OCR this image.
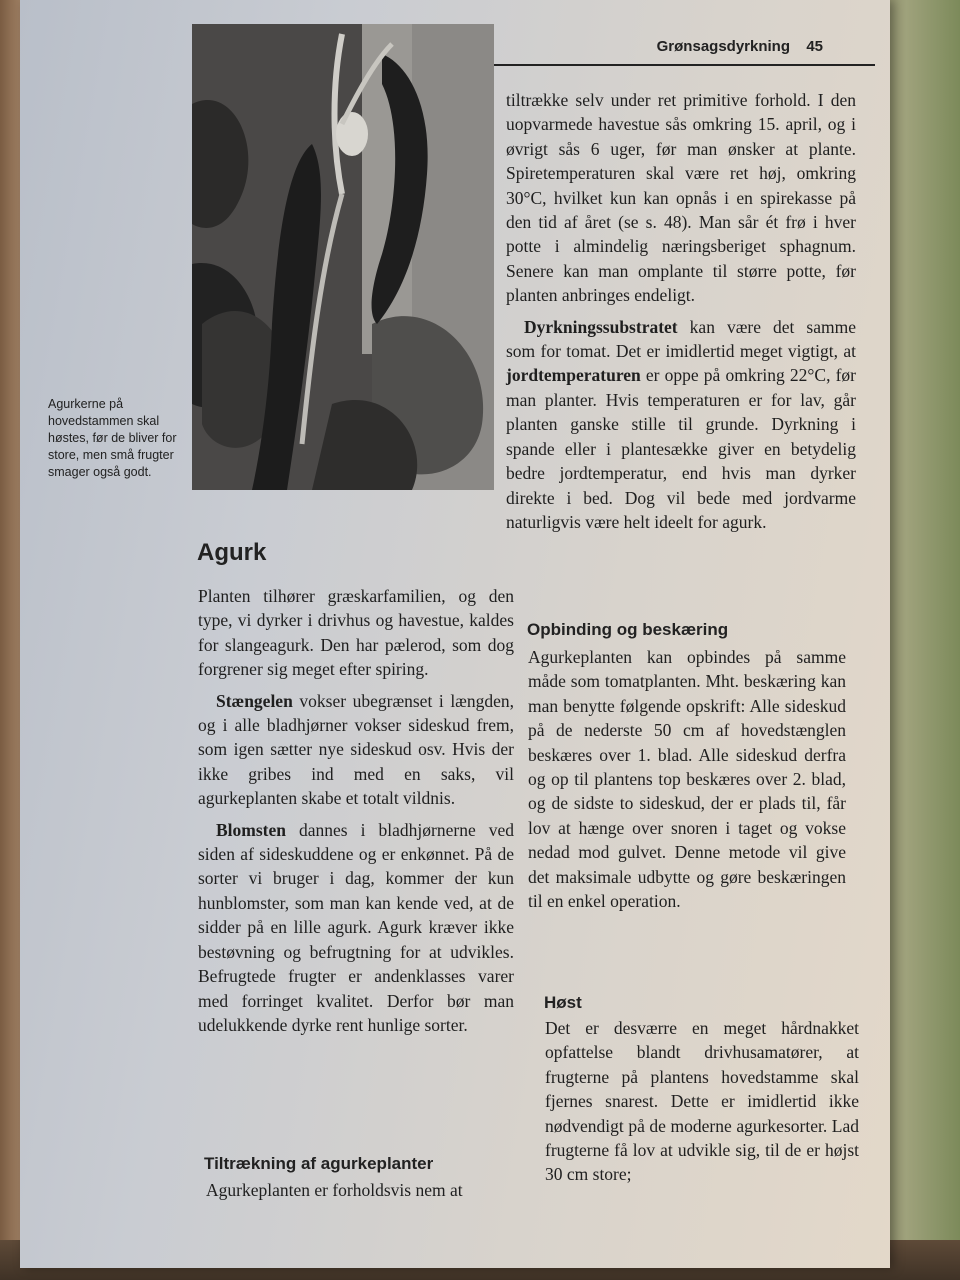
Grønsagsdyrkning 45
Agurkerne på hovedstammen skal høstes, før de bliver for store, men små frugter smager også godt.
Agurk

Planten tilhører græskarfamilien, og den type, vi dyrker i drivhus og havestue, kaldes for slangeagurk. Den har pælerod, som dog forgrener sig meget efter spiring.

Stængelen vokser ubegrænset i længden, og i alle bladhjørner vokser sideskud frem, som igen sætter nye sideskud osv. Hvis der ikke gribes ind med en saks, vil agurkeplanten skabe et totalt vildnis.

Blomsten dannes i bladhjørnerne ved siden af sideskuddene og er enkønnet. På de sorter vi bruger i dag, kommer der kun hunblomster, som man kan kende ved, at de sidder på en lille agurk. Agurk kræver ikke bestøvning og befrugtning for at udvikles. Befrugtede frugter er andenklasses varer med forringet kvalitet. Derfor bør man udelukkende dyrke rent hunlige sorter.

Tiltrækning af agurkeplanter

Agurkeplanten er forholdsvis nem at

tiltrække selv under ret primitive forhold. I den uopvarmede havestue sås omkring 15. april, og i øvrigt sås 6 uger, før man ønsker at plante. Spiretemperaturen skal være ret høj, omkring 30°C, hvilket kun kan opnås i en spirekasse på den tid af året (se s. 48). Man sår ét frø i hver potte i almindelig næringsberiget sphagnum. Senere kan man omplante til større potte, før planten anbringes endeligt.

Dyrkningssubstratet kan være det samme som for tomat. Det er imidlertid meget vigtigt, at jordtemperaturen er oppe på omkring 22°C, før man planter. Hvis temperaturen er for lav, går planten ganske stille til grunde. Dyrkning i spande eller i plantesække giver en betydelig bedre jordtemperatur, end hvis man dyrker direkte i bed. Dog vil bede med jordvarme naturligvis være helt ideelt for agurk.

Opbinding og beskæring

Agurkeplanten kan opbindes på samme måde som tomatplanten. Mht. beskæring kan man benytte følgende opskrift: Alle sideskud på de nederste 50 cm af hovedstænglen beskæres over 1. blad. Alle sideskud derfra og op til plantens top beskæres over 2. blad, og de sidste to sideskud, der er plads til, får lov at hænge over snoren i taget og vokse nedad mod gulvet. Denne metode vil give det maksimale udbytte og gøre beskæringen til en enkel operation.

Høst

Det er desværre en meget hårdnakket opfattelse blandt drivhusamatører, at frugterne på plantens hovedstamme skal fjernes snarest. Dette er imidlertid ikke nødvendigt på de moderne agurkesorter. Lad frugterne få lov at udvikle sig, til de er højst 30 cm store;
